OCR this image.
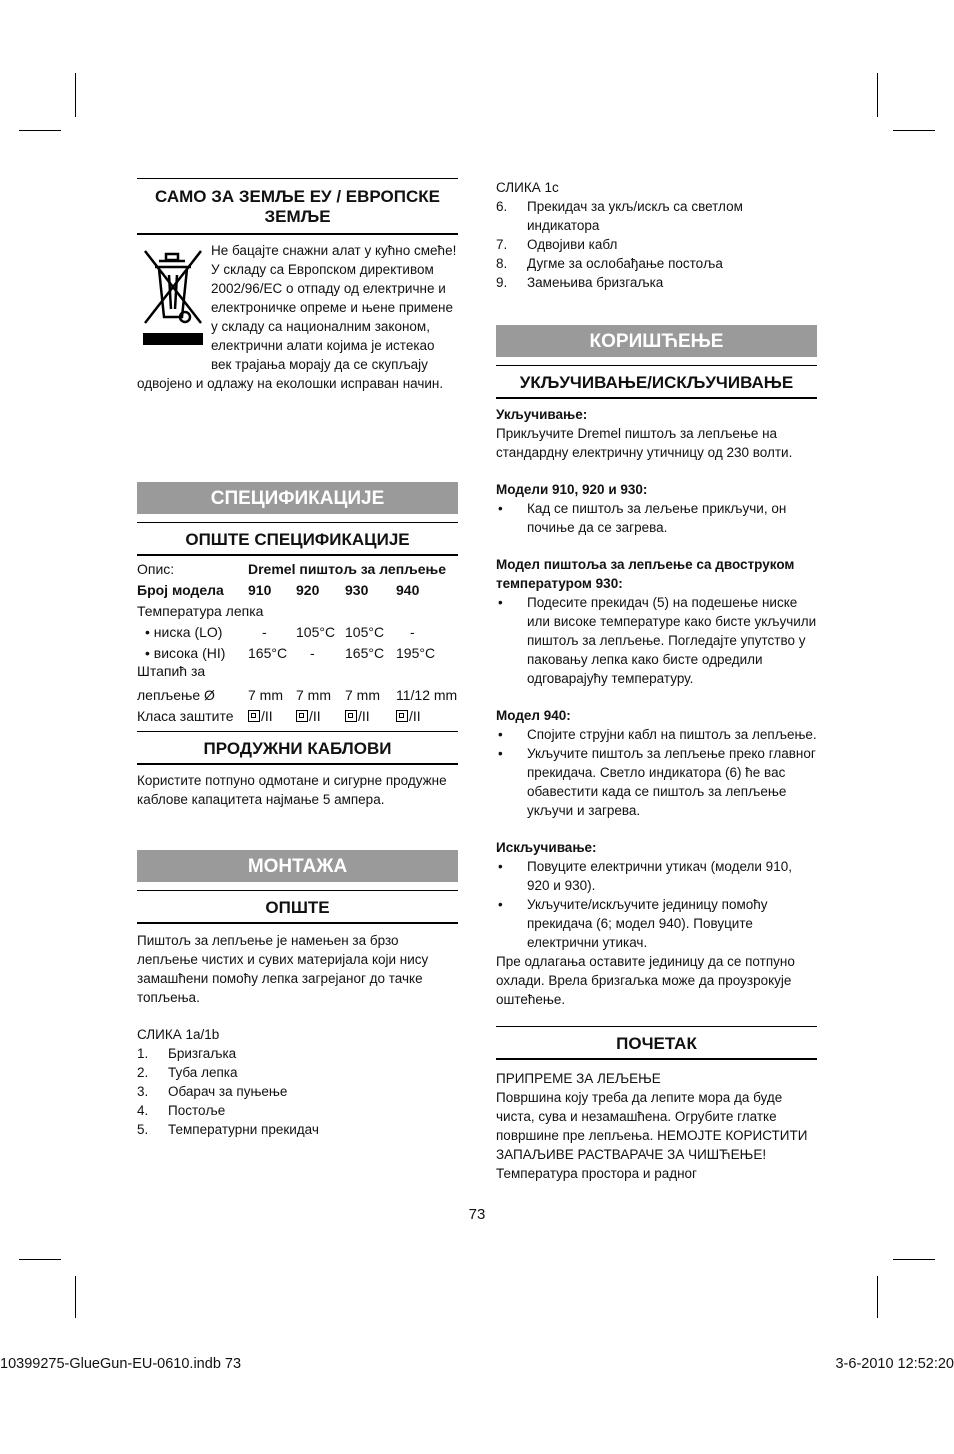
САМО ЗА ЗЕМЉЕ ЕУ / ЕВРОПСКЕ ЗЕМЉЕ
Не бацајте снажни алат у кућно смеће!
У складу са Европском директивом
2002/96/ЕС о отпаду од електричне и
електроничке опреме и њене примене
у складу са националним законом,
електрични алати којима је истекао
век трајања морају да се скупљају
одвојено и одлажу на еколошки исправан начин.
СПЕЦИФИКАЦИЈЕ
ОПШТЕ СПЕЦИФИКАЦИЈЕ
Опис:	Dremel пиштољ за лепљење			
Број модела	910	920	930	940
Температура лепка				
• ниска (LO)	-	105°C	105°C	-
• висока (HI)	165°C	-	165°C	195°C
Штапић за				
лепљење Ø	7 mm	7 mm	7 mm	11/12 mm
Класа заштите	/II	/II	/II	/II
ПРОДУЖНИ КАБЛОВИ
Користите потпуно одмотане и сигурне продужне каблове капацитета најмање 5 ампера.
МОНТАЖА
ОПШТЕ
Пиштољ за лепљење је намењен за брзо лепљење чистих и сувих материјала који нису замашћени помоћу лепка загрејаног до тачке топљења.
СЛИКА 1a/1b
1. Бризгаљка
2. Туба лепка
3. Обарач за пуњење
4. Постоље
5. Температурни прекидач
СЛИКА 1c
6. Прекидач за укљ/искљ са светлом индикатора
7. Одвојиви кабл
8. Дугме за ослобађање постоља
9. Замењива бризгаљка
КОРИШЋЕЊЕ
УКЉУЧИВАЊЕ/ИСКЉУЧИВАЊЕ
Укључивање:
Прикључите Dremel пиштољ за лепљење на стандардну електричну утичницу од 230 волти.
Модели 910, 920 и 930:
• Кад се пиштољ за лељење прикључи, он почиње да се загрева.
Модел пиштоља за лепљење са двоструком температуром 930:
• Подесите прекидач (5) на подешење ниске или високе температуре како бисте укључили пиштољ за лепљење. Погледајте упутство у паковању лепка како бисте одредили одговарајућу температуру.
Модел 940:
• Спојите струјни кабл на пиштољ за лепљење.
• Укључите пиштољ за лепљење преко главног прекидача. Светло индикатора (6) ће вас обавестити када се пиштољ за лепљење укључи и загрева.
Искључивање:
• Повуците електрични утикач (модели 910, 920 и 930).
• Укључите/искључите јединицу помоћу прекидача (6; модел 940). Повуците електрични утикач.
Пре одлагања оставите јединицу да се потпуно охлади. Врела бризгаљка може да проузрокује оштећење.
ПОЧЕТАК
ПРИПРЕМЕ ЗА ЛЕЉЕЊЕ
Површина коју треба да лепите мора да буде чиста, сува и незамашћена. Огрубите глатке површине пре лепљења. НЕМОЈТЕ КОРИСТИТИ ЗАПАЉИВЕ РАСТВАРАЧЕ ЗА ЧИШЋЕЊЕ!Температура простора и радног
73
10399275-GlueGun-EU-0610.indb 73	3-6-2010 12:52:20
